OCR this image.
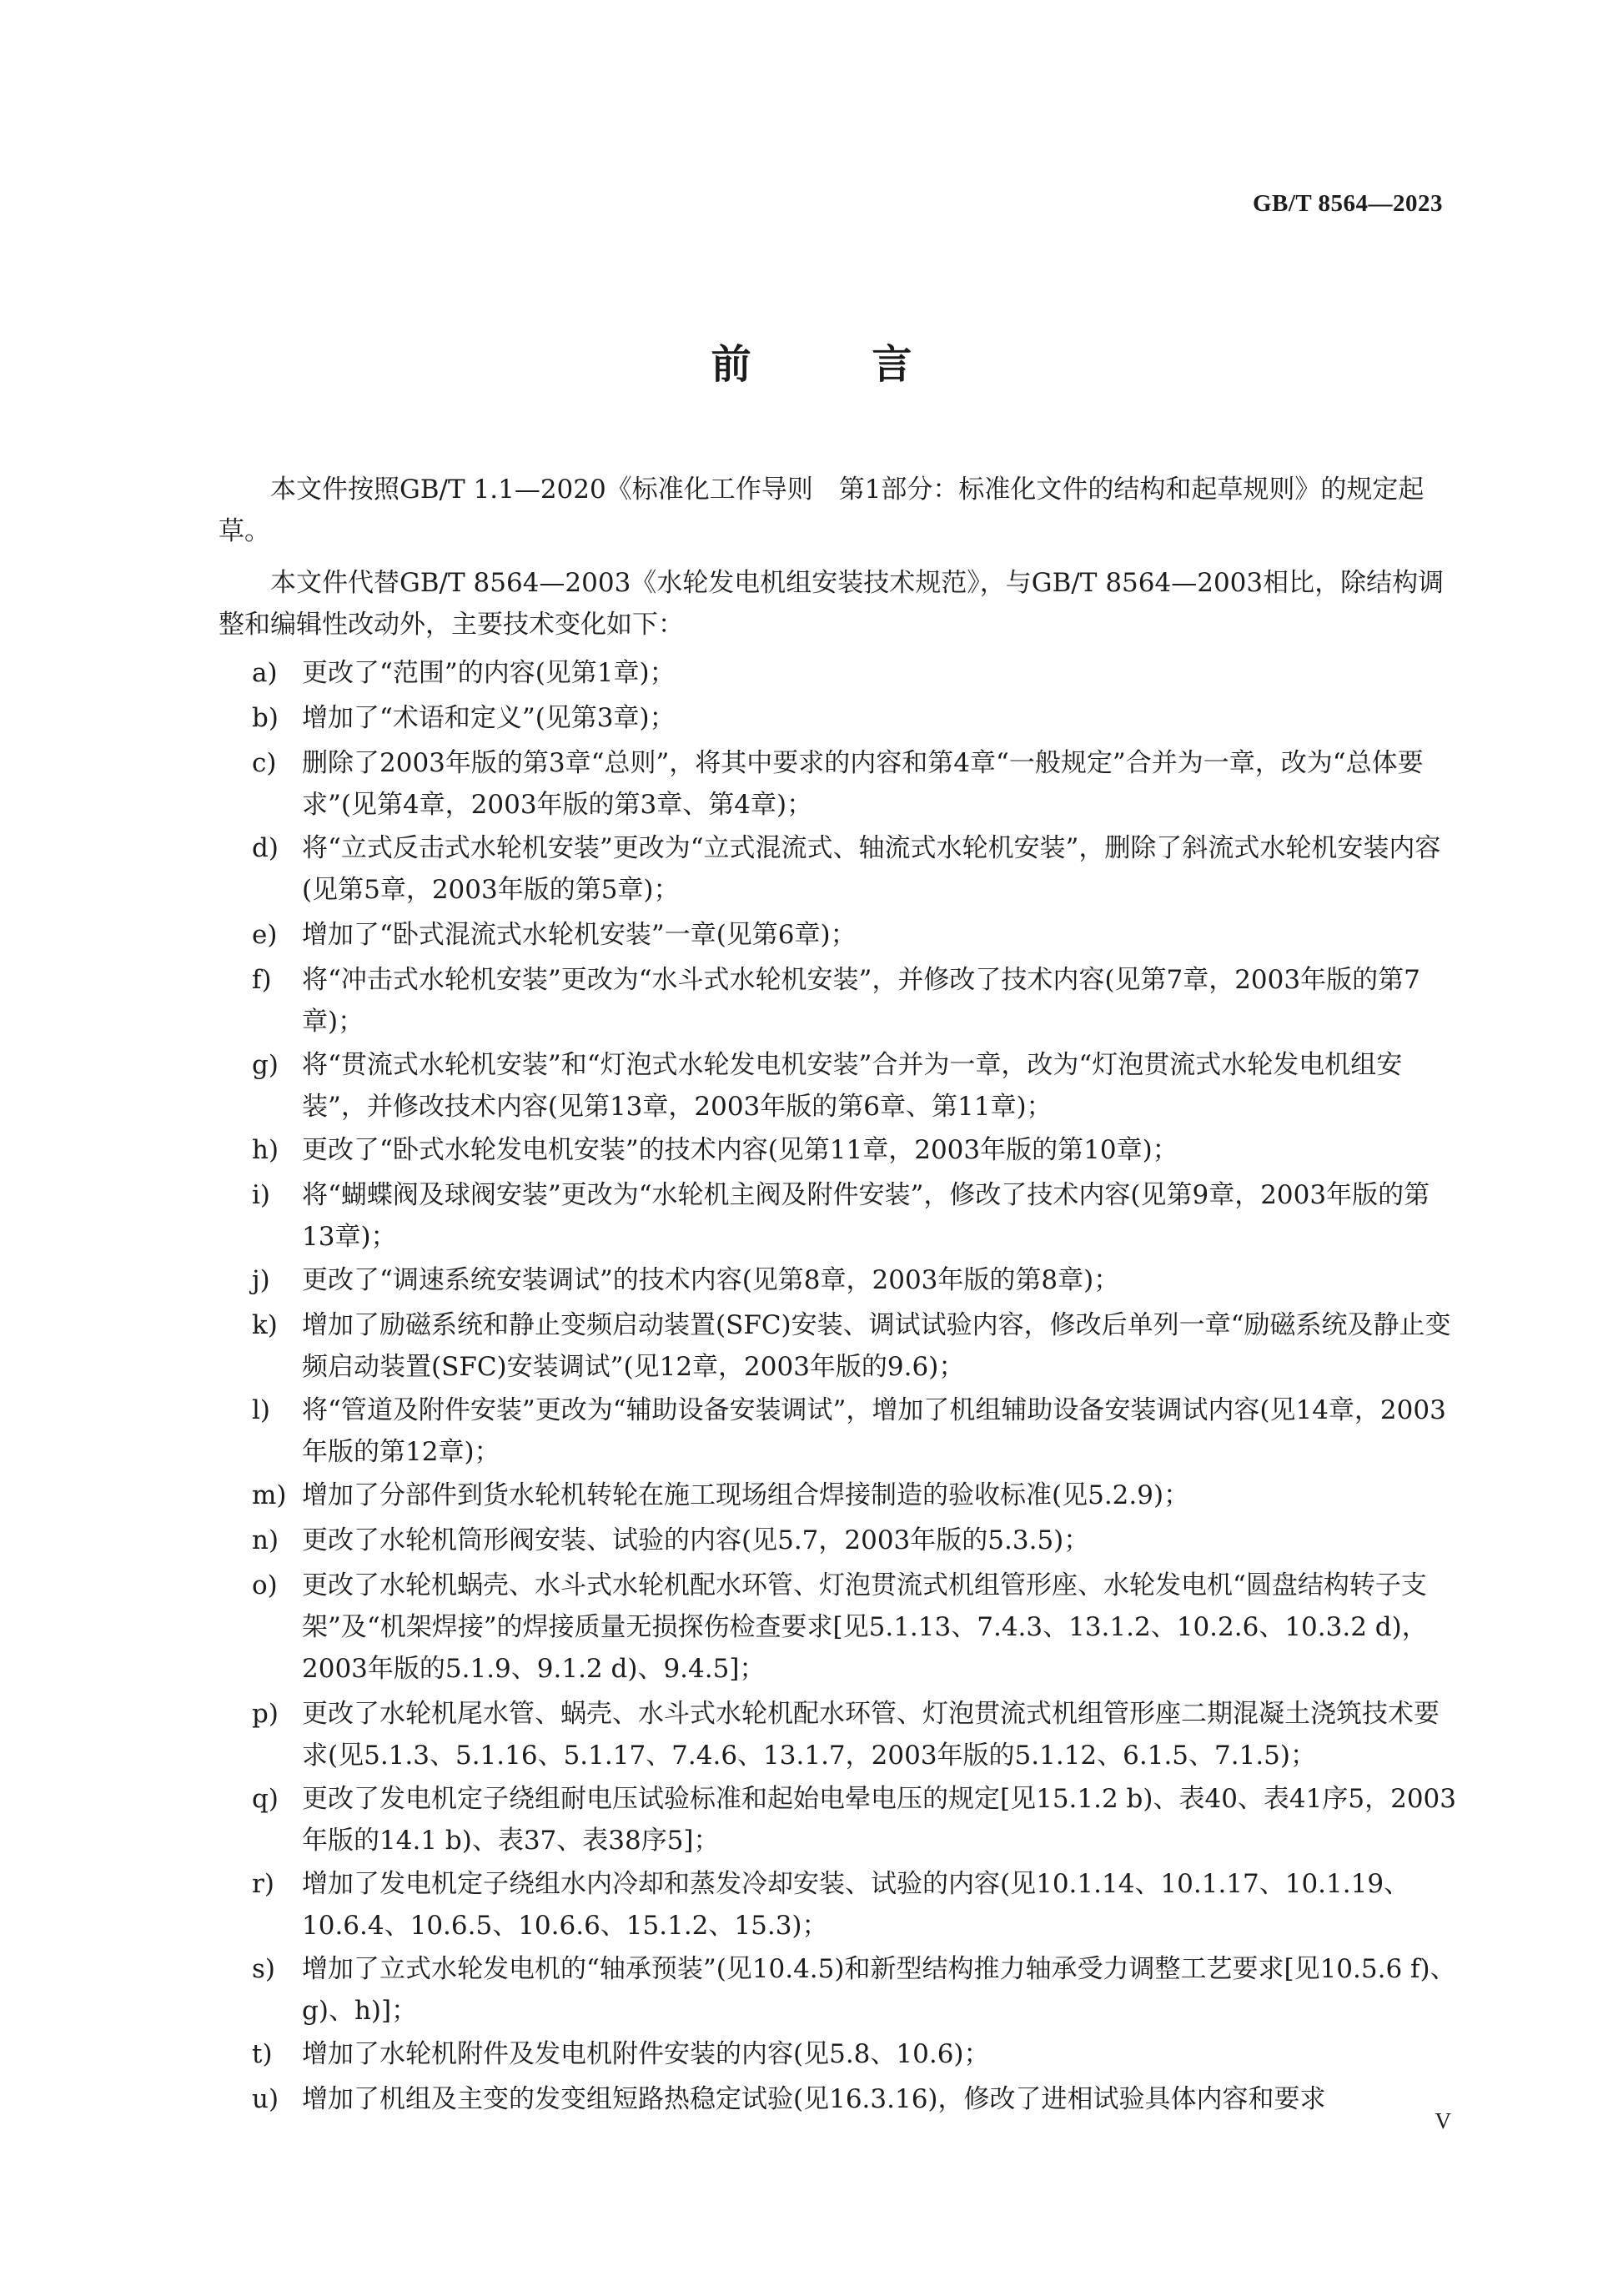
GB/T 8564—2023
前 言
本文件按照GB/T 1.1—2020《标准化工作导则　第1部分：标准化文件的结构和起草规则》的规定起草。
本文件代替GB/T 8564—2003《水轮发电机组安装技术规范》，与GB/T 8564—2003相比，除结构调整和编辑性改动外，主要技术变化如下：
a) 更改了“范围”的内容(见第1章)；
b) 增加了“术语和定义”(见第3章)；
c) 删除了2003年版的第3章“总则”，将其中要求的内容和第4章“一般规定”合并为一章，改为“总体要求”(见第4章，2003年版的第3章、第4章)；
d) 将“立式反击式水轮机安装”更改为“立式混流式、轴流式水轮机安装”，删除了斜流式水轮机安装内容(见第5章，2003年版的第5章)；
e) 增加了“卧式混流式水轮机安装”一章(见第6章)；
f)	将“冲击式水轮机安装”更改为“水斗式水轮机安装”，并修改了技术内容(见第7章，2003年版的第7章)；
g) 将“贯流式水轮机安装”和“灯泡式水轮发电机安装”合并为一章，改为“灯泡贯流式水轮发电机组安装”，并修改技术内容(见第13章，2003年版的第6章、第11章)；
h) 更改了“卧式水轮发电机安装”的技术内容(见第11章，2003年版的第10章)；
i)	将“蝴蝶阀及球阀安装”更改为“水轮机主阀及附件安装”，修改了技术内容(见第9章，2003年版的第13章)；
j)	更改了“调速系统安装调试”的技术内容(见第8章，2003年版的第8章)；
k) 增加了励磁系统和静止变频启动装置(SFC)安装、调试试验内容，修改后单列一章“励磁系统及静止变频启动装置(SFC)安装调试”(见12章，2003年版的9.6)；
l)	将“管道及附件安装”更改为“辅助设备安装调试”，增加了机组辅助设备安装调试内容(见14章，2003年版的第12章)；
m) 增加了分部件到货水轮机转轮在施工现场组合焊接制造的验收标准(见5.2.9)；
n) 更改了水轮机筒形阀安装、试验的内容(见5.7，2003年版的5.3.5)；
o) 更改了水轮机蜗壳、水斗式水轮机配水环管、灯泡贯流式机组管形座、水轮发电机“圆盘结构转子支架”及“机架焊接”的焊接质量无损探伤检查要求[见5.1.13、7.4.3、13.1.2、10.2.6、10.3.2 d)，2003年版的5.1.9、9.1.2 d)、9.4.5]；
p) 更改了水轮机尾水管、蜗壳、水斗式水轮机配水环管、灯泡贯流式机组管形座二期混凝土浇筑技术要求(见5.1.3、5.1.16、5.1.17、7.4.6、13.1.7，2003年版的5.1.12、6.1.5、7.1.5)；
q) 更改了发电机定子绕组耐电压试验标准和起始电晕电压的规定[见15.1.2 b)、表40、表41序5，2003年版的14.1 b)、表37、表38序5]；
r)	增加了发电机定子绕组水内冷却和蒸发冷却安装、试验的内容(见10.1.14、10.1.17、10.1.19、10.6.4、10.6.5、10.6.6、15.1.2、15.3)；
s)	增加了立式水轮发电机的“轴承预装”(见10.4.5)和新型结构推力轴承受力调整工艺要求[见10.5.6 f)、g)、h)]；
t)	增加了水轮机附件及发电机附件安装的内容(见5.8、10.6)；
u) 增加了机组及主变的发变组短路热稳定试验(见16.3.16)，修改了进相试验具体内容和要求
V
